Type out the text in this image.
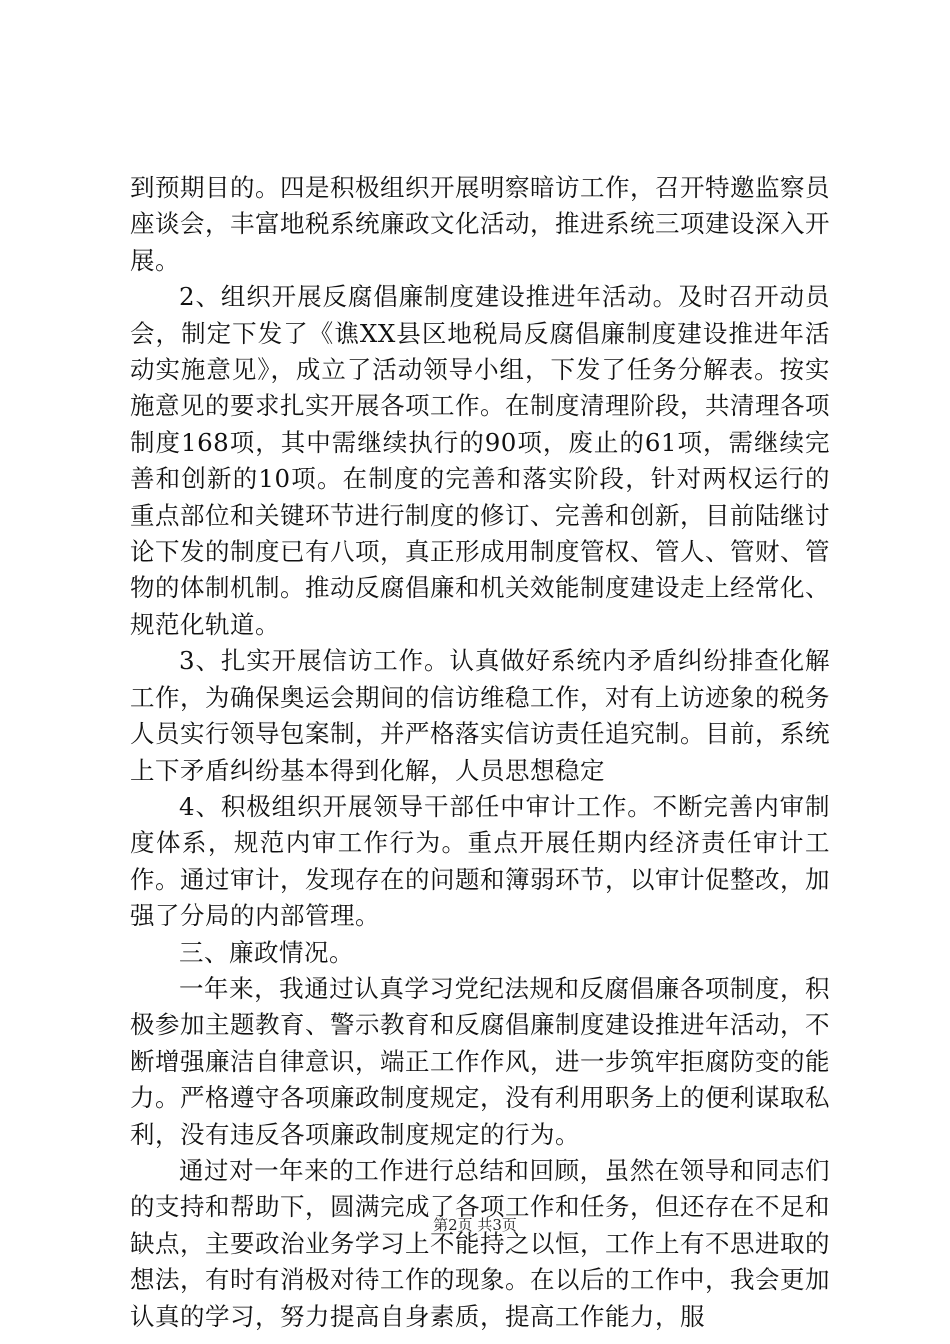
到预期目的。四是积极组织开展明察暗访工作，召开特邀监察员座谈会，丰富地税系统廉政文化活动，推进系统三项建设深入开展。

2、组织开展反腐倡廉制度建设推进年活动。及时召开动员会，制定下发了《谯XX县区地税局反腐倡廉制度建设推进年活动实施意见》，成立了活动领导小组，下发了任务分解表。按实施意见的要求扎实开展各项工作。在制度清理阶段，共清理各项制度168项，其中需继续执行的90项，废止的61项，需继续完善和创新的10项。在制度的完善和落实阶段，针对两权运行的重点部位和关键环节进行制度的修订、完善和创新，目前陆继讨论下发的制度已有八项，真正形成用制度管权、管人、管财、管物的体制机制。推动反腐倡廉和机关效能制度建设走上经常化、规范化轨道。

3、扎实开展信访工作。认真做好系统内矛盾纠纷排查化解工作，为确保奥运会期间的信访维稳工作，对有上访迹象的税务人员实行领导包案制，并严格落实信访责任追究制。目前，系统上下矛盾纠纷基本得到化解，人员思想稳定

4、积极组织开展领导干部任中审计工作。不断完善内审制度体系，规范内审工作行为。重点开展任期内经济责任审计工作。通过审计，发现存在的问题和簿弱环节，以审计促整改，加强了分局的内部管理。

三、廉政情况。

一年来，我通过认真学习党纪法规和反腐倡廉各项制度，积极参加主题教育、警示教育和反腐倡廉制度建设推进年活动，不断增强廉洁自律意识，端正工作作风，进一步筑牢拒腐防变的能力。严格遵守各项廉政制度规定，没有利用职务上的便利谋取私利，没有违反各项廉政制度规定的行为。

通过对一年来的工作进行总结和回顾，虽然在领导和同志们的支持和帮助下，圆满完成了各项工作和任务，但还存在不足和缺点，主要政治业务学习上不能持之以恒，工作上有不思进取的想法，有时有消极对待工作的现象。在以后的工作中，我会更加认真的学习，努力提高自身素质，提高工作能力，服

第2页 共3页
